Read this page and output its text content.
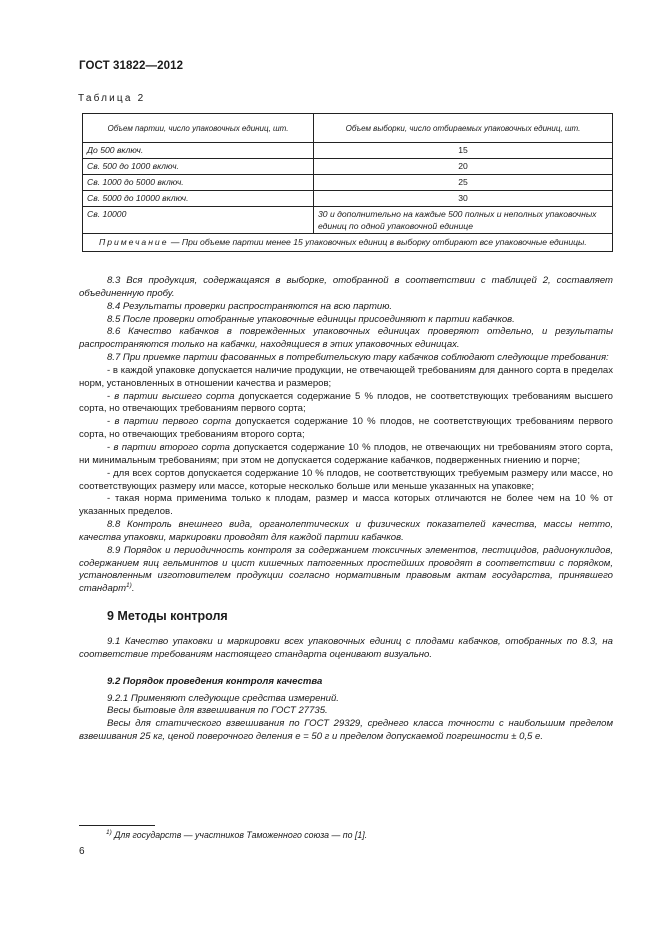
ГОСТ 31822—2012
Таблица 2
Объем партии, число упаковочных единиц, шт.	Объем выборки, число отбираемых упаковочных единиц, шт.
До 500 включ.	15
Св. 500 до 1000 включ.	20
Св. 1000 до 5000 включ.	25
Св. 5000 до 10000 включ.	30
Св. 10000	30 и дополнительно на каждые 500 полных и неполных упаковочных единиц по одной упаковочной единице
Примечание — При объеме партии менее 15 упаковочных единиц в выборку отбирают все упаковочные единицы.	

8.3 Вся продукция, содержащаяся в выборке, отобранной в соответствии с таблицей 2, составляет объединенную пробу.

8.4 Результаты проверки распространяются на всю партию.

8.5 После проверки отобранные упаковочные единицы присоединяют к партии кабачков.

8.6 Качество кабачков в поврежденных упаковочных единицах проверяют отдельно, и результаты распространяются только на кабачки, находящиеся в этих упаковочных единицах.

8.7 При приемке партии фасованных в потребительскую тару кабачков соблюдают следующие требования:

- в каждой упаковке допускается наличие продукции, не отвечающей требованиям для данного сорта в пределах норм, установленных в отношении качества и размеров;

- в партии высшего сорта допускается содержание 5 % плодов, не соответствующих требованиям высшего сорта, но отвечающих требованиям первого сорта;

- в партии первого сорта допускается содержание 10 % плодов, не соответствующих требованиям первого сорта, но отвечающих требованиям второго сорта;

- в партии второго сорта допускается содержание 10 % плодов, не отвечающих ни требованиям этого сорта, ни минимальным требованиям; при этом не допускается содержание кабачков, подверженных гниению и порче;

- для всех сортов допускается содержание 10 % плодов, не соответствующих требуемым размеру или массе, но соответствующих размеру или массе, которые несколько больше или меньше указанных на упаковке;

- такая норма применима только к плодам, размер и масса которых отличаются не более чем на 10 % от указанных пределов.

8.8 Контроль внешнего вида, органолептических и физических показателей качества, массы нетто, качества упаковки, маркировки проводят для каждой партии кабачков.

8.9 Порядок и периодичность контроля за содержанием токсичных элементов, пестицидов, радионуклидов, содержанием яиц гельминтов и цист кишечных патогенных простейших проводят в соответствии с порядком, установленным изготовителем продукции согласно нормативным правовым актам государства, принявшего стандарт$^{1)}$.

9 Методы контроля

9.1 Качество упаковки и маркировки всех упаковочных единиц с плодами кабачков, отобранных по 8.3, на соответствие требованиям настоящего стандарта оценивают визуально.

9.2 Порядок проведения контроля качества

9.2.1 Применяют следующие средства измерений.

Весы бытовые для взвешивания по ГОСТ 27735.

Весы для статического взвешивания по ГОСТ 29329, среднего класса точности с наибольшим пределом взвешивания 25 кг, ценой поверочного деления е = 50 г и пределом допускаемой погрешности ± 0,5 е.

$^{1)}$ Для государств — участников Таможенного союза — по [1].
6
